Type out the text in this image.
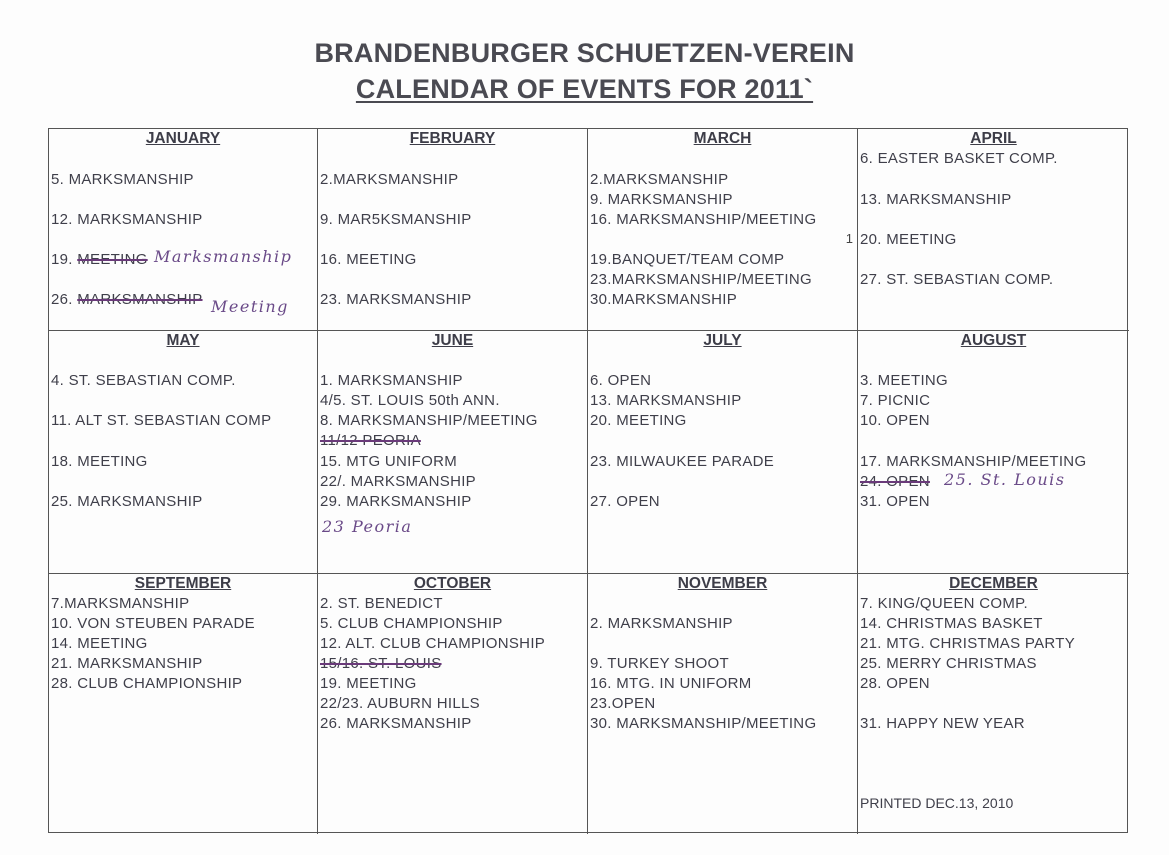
BRANDENBURGER SCHUETZEN-VEREIN
CALENDAR OF EVENTS FOR 2011`
JANUARY
5. MARKSMANSHIP
12. MARKSMANSHIP
19. MEETING Marksmanship
26. MARKSMANSHIP Meeting
FEBRUARY
2.MARKSMANSHIP
9. MAR5KSMANSHIP
16. MEETING
23. MARKSMANSHIP
MARCH
2.MARKSMANSHIP
9. MARKSMANSHIP
16. MARKSMANSHIP/MEETING
1
19.BANQUET/TEAM COMP
23.MARKSMANSHIP/MEETING
30.MARKSMANSHIP
APRIL
6. EASTER BASKET COMP.
13. MARKSMANSHIP
20. MEETING
27. ST. SEBASTIAN COMP.
MAY
4. ST. SEBASTIAN COMP.
11. ALT ST. SEBASTIAN COMP
18. MEETING
25. MARKSMANSHIP
JUNE
1. MARKSMANSHIP
4/5. ST. LOUIS 50th ANN.
8. MARKSMANSHIP/MEETING
11/12 PEORIA
15. MTG UNIFORM
22/. MARKSMANSHIP
29. MARKSMANSHIP
23 Peoria
JULY
6. OPEN
13. MARKSMANSHIP
20. MEETING
23. MILWAUKEE PARADE
27. OPEN
AUGUST
3. MEETING
7. PICNIC
10. OPEN
17. MARKSMANSHIP/MEETING
24. OPEN 25. St. Louis
31. OPEN
SEPTEMBER
7.MARKSMANSHIP
10. VON STEUBEN PARADE
14. MEETING
21. MARKSMANSHIP
28. CLUB CHAMPIONSHIP
OCTOBER
2. ST. BENEDICT
5. CLUB CHAMPIONSHIP
12. ALT. CLUB CHAMPIONSHIP
15/16. ST. LOUIS
19. MEETING
22/23. AUBURN HILLS
26. MARKSMANSHIP
NOVEMBER
2. MARKSMANSHIP
9. TURKEY SHOOT
16. MTG. IN UNIFORM
23.OPEN
30. MARKSMANSHIP/MEETING
DECEMBER
7. KING/QUEEN COMP.
14. CHRISTMAS BASKET
21. MTG. CHRISTMAS PARTY
25. MERRY CHRISTMAS
28. OPEN
31. HAPPY NEW YEAR
PRINTED DEC.13, 2010
